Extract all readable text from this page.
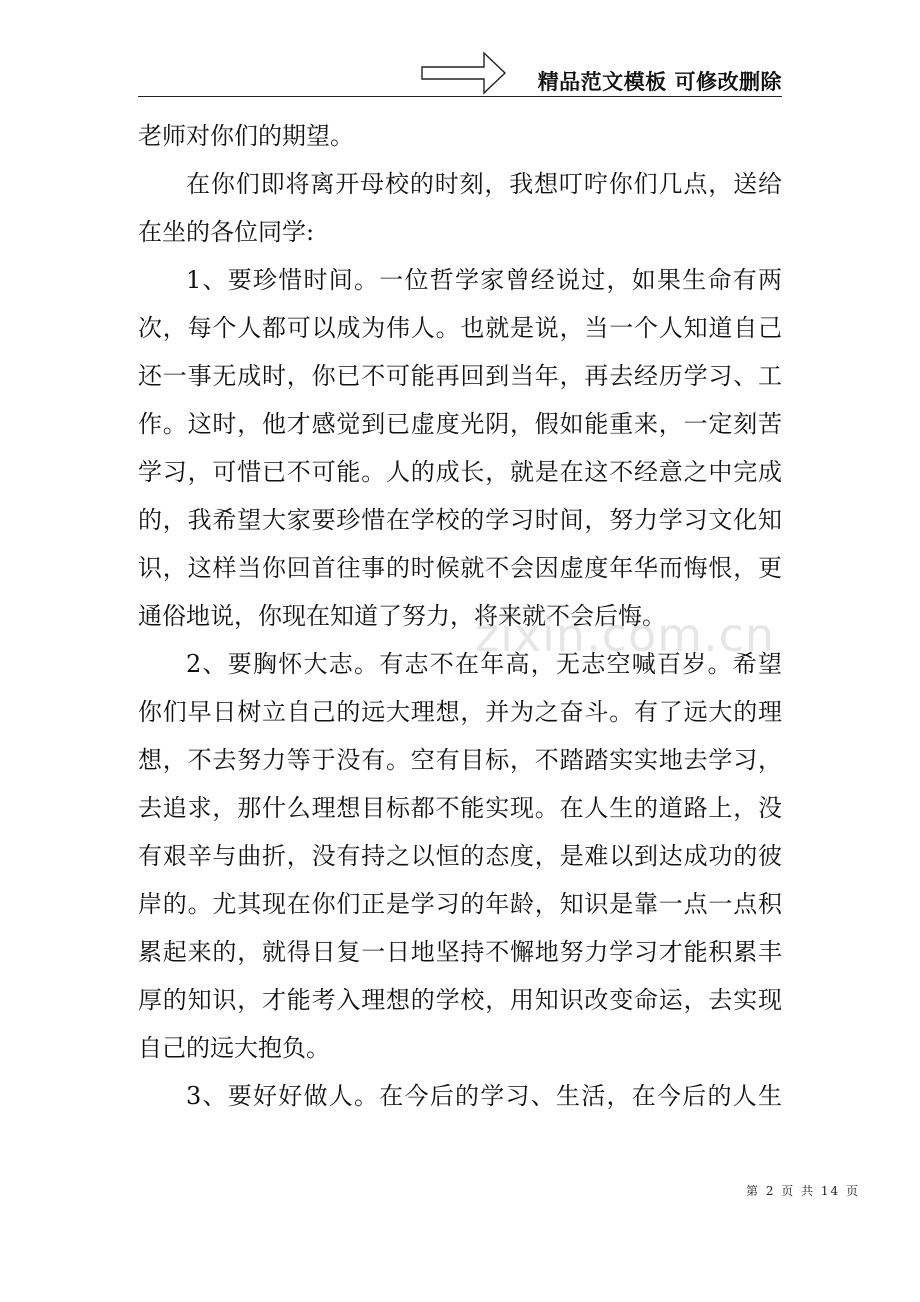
精品范文模板 可修改删除
老师对你们的期望。
在你们即将离开母校的时刻，我想叮咛你们几点，送给
在坐的各位同学:
1、要珍惜时间。一位哲学家曾经说过，如果生命有两
次，每个人都可以成为伟人。也就是说，当一个人知道自己
还一事无成时，你已不可能再回到当年，再去经历学习、工
作。这时，他才感觉到已虚度光阴，假如能重来，一定刻苦
学习，可惜已不可能。人的成长，就是在这不经意之中完成
的，我希望大家要珍惜在学校的学习时间，努力学习文化知
识，这样当你回首往事的时候就不会因虚度年华而悔恨，更
通俗地说，你现在知道了努力，将来就不会后悔。
2、要胸怀大志。有志不在年高，无志空喊百岁。希望
你们早日树立自己的远大理想，并为之奋斗。有了远大的理
想，不去努力等于没有。空有目标，不踏踏实实地去学习，
去追求，那什么理想目标都不能实现。在人生的道路上，没
有艰辛与曲折，没有持之以恒的态度，是难以到达成功的彼
岸的。尤其现在你们正是学习的年龄，知识是靠一点一点积
累起来的，就得日复一日地坚持不懈地努力学习才能积累丰
厚的知识，才能考入理想的学校，用知识改变命运，去实现
自己的远大抱负。
3、要好好做人。在今后的学习、生活，在今后的人生
zixin.com.cn
第 2 页 共 14 页
